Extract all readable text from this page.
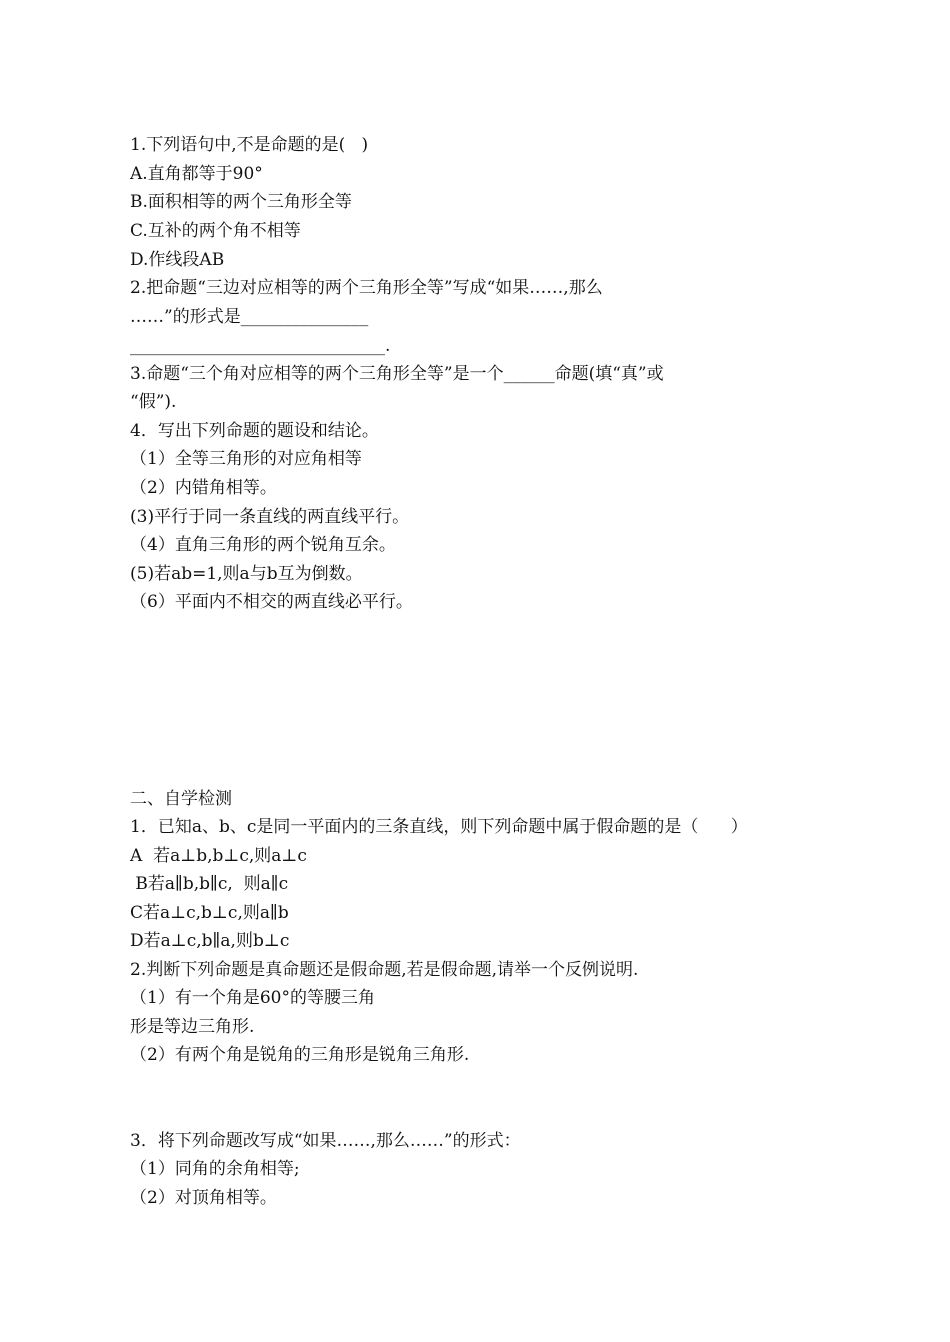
1.下列语句中,不是命题的是(   )
A.直角都等于90°
B.面积相等的两个三角形全等
C.互补的两个角不相等
D.作线段AB
2.把命题“三边对应相等的两个三角形全等”写成“如果……,那么
……”的形式是_______________
______________________________.
3.命题“三个角对应相等的两个三角形全等”是一个______命题(填“真”或
“假”).
4．写出下列命题的题设和结论。
（1）全等三角形的对应角相等
（2）内错角相等。
(3)平行于同一条直线的两直线平行。
（4）直角三角形的两个锐角互余。
(5)若ab=1,则a与b互为倒数。
（6）平面内不相交的两直线必平行。
二、自学检测
1．已知a、b、c是同一平面内的三条直线，则下列命题中属于假命题的是（      ）
A  若a⊥b,b⊥c,则a⊥c
B若a∥b,b∥c,  则a∥c
C若a⊥c,b⊥c,则a∥b
D若a⊥c,b∥a,则b⊥c
2.判断下列命题是真命题还是假命题,若是假命题,请举一个反例说明.
（1）有一个角是60°的等腰三角
形是等边三角形.
（2）有两个角是锐角的三角形是锐角三角形.
3．将下列命题改写成“如果……,那么……”的形式：
（1）同角的余角相等;
（2）对顶角相等。
